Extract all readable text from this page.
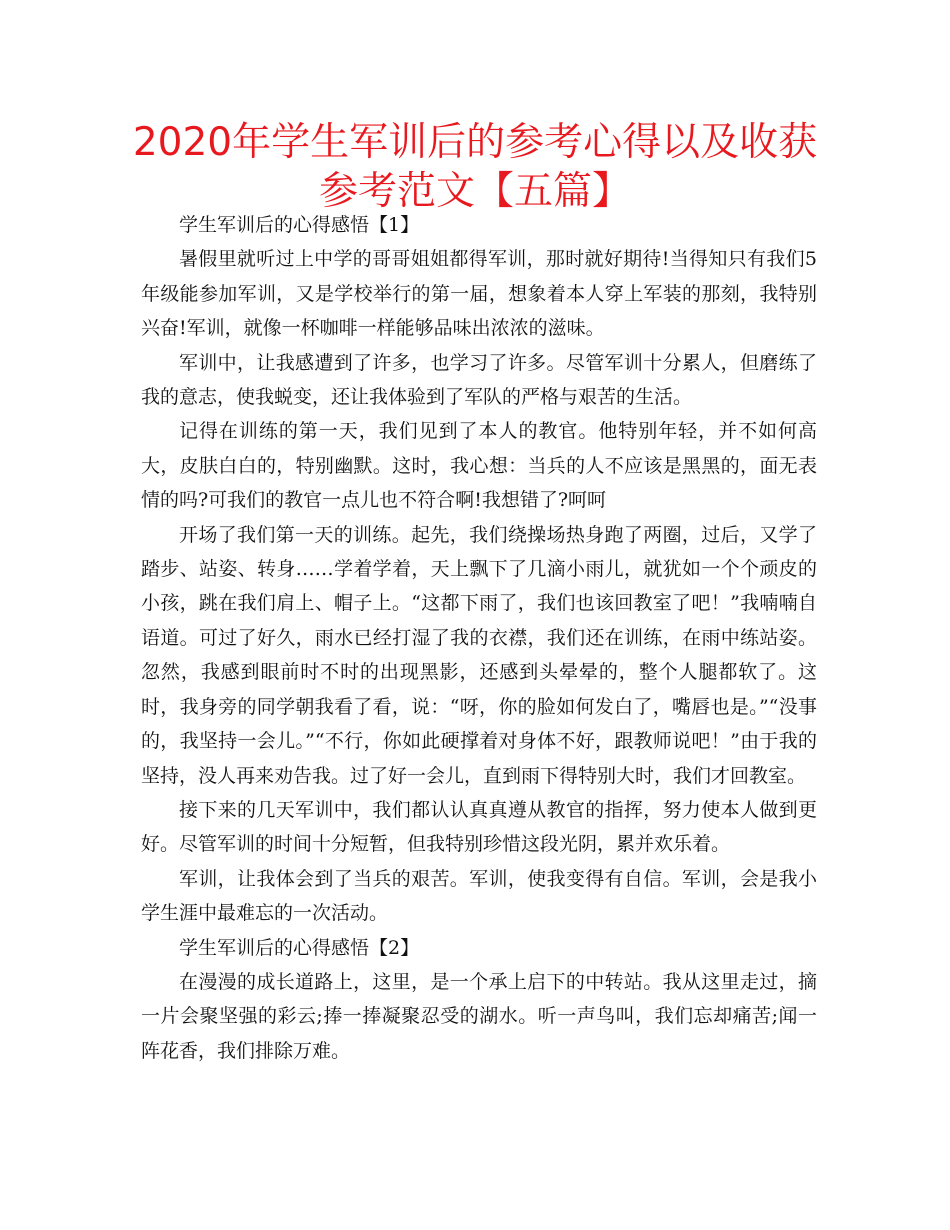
2020年学生军训后的参考心得以及收获参考范文【五篇】

学生军训后的心得感悟【1】

暑假里就听过上中学的哥哥姐姐都得军训，那时就好期待!当得知只有我们5年级能参加军训，又是学校举行的第一届，想象着本人穿上军装的那刻，我特别兴奋!军训，就像一杯咖啡一样能够品味出浓浓的滋味。

军训中，让我感遭到了许多，也学习了许多。尽管军训十分累人，但磨练了我的意志，使我蜕变，还让我体验到了军队的严格与艰苦的生活。

记得在训练的第一天，我们见到了本人的教官。他特别年轻，并不如何高大，皮肤白白的，特别幽默。这时，我心想：当兵的人不应该是黑黑的，面无表情的吗?可我们的教官一点儿也不符合啊!我想错了?呵呵

开场了我们第一天的训练。起先，我们绕操场热身跑了两圈，过后，又学了踏步、站姿、转身……学着学着，天上飘下了几滴小雨儿，就犹如一个个顽皮的小孩，跳在我们肩上、帽子上。“这都下雨了，我们也该回教室了吧！”我喃喃自语道。可过了好久，雨水已经打湿了我的衣襟，我们还在训练，在雨中练站姿。忽然，我感到眼前时不时的出现黑影，还感到头晕晕的，整个人腿都软了。这时，我身旁的同学朝我看了看，说：“呀，你的脸如何发白了，嘴唇也是。”“没事的，我坚持一会儿。”“不行，你如此硬撑着对身体不好，跟教师说吧！”由于我的坚持，没人再来劝告我。过了好一会儿，直到雨下得特别大时，我们才回教室。

接下来的几天军训中，我们都认认真真遵从教官的指挥，努力使本人做到更好。尽管军训的时间十分短暂，但我特别珍惜这段光阴，累并欢乐着。

军训，让我体会到了当兵的艰苦。军训，使我变得有自信。军训，会是我小学生涯中最难忘的一次活动。

学生军训后的心得感悟【2】

在漫漫的成长道路上，这里，是一个承上启下的中转站。我从这里走过，摘一片会聚坚强的彩云;捧一捧凝聚忍受的湖水。听一声鸟叫，我们忘却痛苦;闻一阵花香，我们排除万难。
